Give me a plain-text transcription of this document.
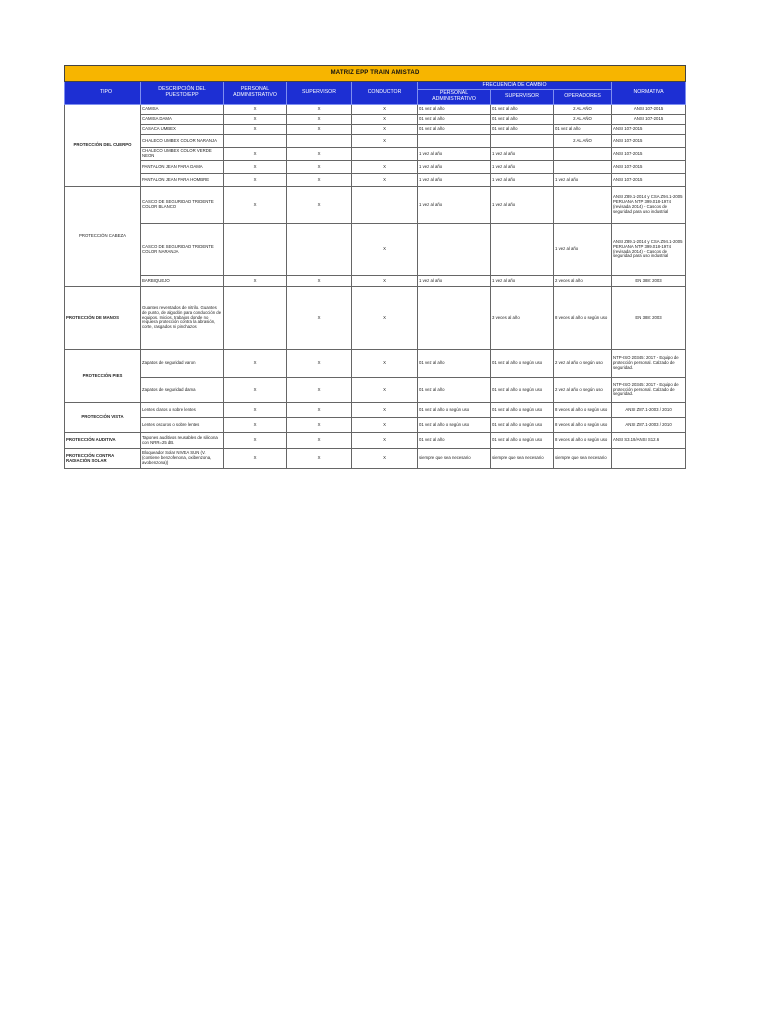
MATRIZ EPP TRAIN AMISTAD								
TIPO	DESCRIPCIÓN DEL PUESTO/EPP	PERSONAL ADMINISTRATIVO	SUPERVISOR	CONDUCTOR	FRECUENCIA DE CAMBIO			NORMATIVA
					PERSONAL ADMINISTRATIVO	SUPERVISOR	OPERADORES	
PROTECCIÓN DEL CUERPO	CAMISA	X	X	X	01 vez al año	01 vez al año	2 AL AÑO	ANSI 107-2015
	CAMISA DAMA	X	X	X	01 vez al año	01 vez al año	2 AL AÑO	ANSI 107-2015
	CASACA UMBEX	X	X	X	01 vez al año	01 vez al año	01 vez al año	ANSI 107-2015
	CHALECO UMBEX COLOR NARANJA			X			2 AL AÑO	ANSI 107-2015
	CHALECO UMBEX COLOR VERDE NEON	X	X		1 vez al año	1 vez al año		ANSI 107-2015
	PANTALON JEAN PARA DAMA	X	X	X	1 vez al año	1 vez al año		ANSI 107-2015
	PANTALON JEAN PARA HOMBRE	X	X	X	1 vez al año	1 vez al año	1 vez al año	ANSI 107-2015
PROTECCIÓN CABEZA	CASCO DE SEGURIDAD TRIDENTE COLOR BLANCO	X	X		1 vez al año	1 vez al año		ANSI Z89.1-2014 y CSA Z94.1-2005 PERUANA NTP 399.018-1974 (revisada 2014) - Cascos de seguridad para uso industrial
	CASCO DE SEGURIDAD TRIDENTE COLOR NARANJA			X			1 vez al año	ANSI Z89.1-2014 y CSA Z94.1-2005 PERUANA NTP 399.018-1974 (revisada 2014) - Cascos de seguridad para uso industrial
	BARBIQUEJO	X	X	X	1 vez al año	1 vez al año	2 veces al año	EN 388: 2003
PROTECCIÓN DE MANOS	Guantes reventados de nitrilo. Guantes de punto, de algodón para conducción de equipos. Inicios, trabajos donde no requiera protección contra la abrasión, corte, rasgados ni pinchazos		X	X		3 veces al año	8 veces al año o según uso	EN 388: 2003
PROTECCIÓN PIES	Zapatos de seguridad varon	X	X	X	01 vez al año	01 vez al año o según uso	2 vez al año o según uso	NTP-ISO 20345: 2017 - Equipo de protección personal. Calzado de seguridad.
	Zapatos de seguridad dama	X	X	X	01 vez al año	01 vez al año o según uso	2 vez al año o según uso	NTP-ISO 20345: 2017 - Equipo de protección personal. Calzado de seguridad.
PROTECCIÓN VISTA	Lentes claros o sobre lentes	X	X	X	01 vez al año o según uso	01 vez al año o según uso	8 veces al año o según uso	ANSI Z87.1-2003 / 2010
	Lentes oscuros o sobre lentes	X	X	X	01 vez al año o según uso	01 vez al año o según uso	8 veces al año o según uso	ANSI Z87.1-2003 / 2010
PROTECCIÓN AUDITIVA	Tapones auditivos reusables de silicona con NRR=25 dB.	X	X	X	01 vez al año	01 vez al año o según uso	8 veces al año o según uso	ANSI S3.19/ANSI S12.6
PROTECCIÓN CONTRA RADIACIÓN SOLAR	Bloqueador Solar NIVEA SUN (V. (contiene benzofenona, oxibenzona, avobenzona))	X	X	X	siempre que sea necesario	siempre que sea necesario	siempre que sea necesario	
